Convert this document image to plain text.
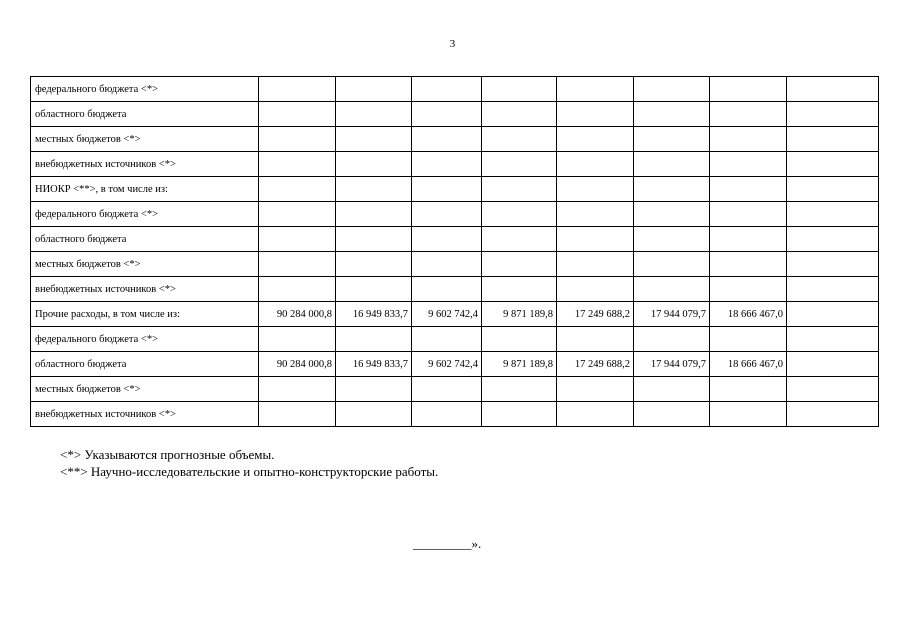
3
федерального бюджета <*>								
областного бюджета								
местных бюджетов <*>								
внебюджетных источников <*>								
НИОКР <**>, в том числе из:								
федерального бюджета <*>								
областного бюджета								
местных бюджетов <*>								
внебюджетных источников <*>								
Прочие расходы, в том числе из:	90 284 000,8	16 949 833,7	9 602 742,4	9 871 189,8	17 249 688,2	17 944 079,7	18 666 467,0	
федерального бюджета <*>								
областного бюджета	90 284 000,8	16 949 833,7	9 602 742,4	9 871 189,8	17 249 688,2	17 944 079,7	18 666 467,0	
местных бюджетов <*>								
внебюджетных источников <*>								
<*> Указываются прогнозные объемы.
<**> Научно-исследовательские и опытно-конструкторские работы.
_________».
